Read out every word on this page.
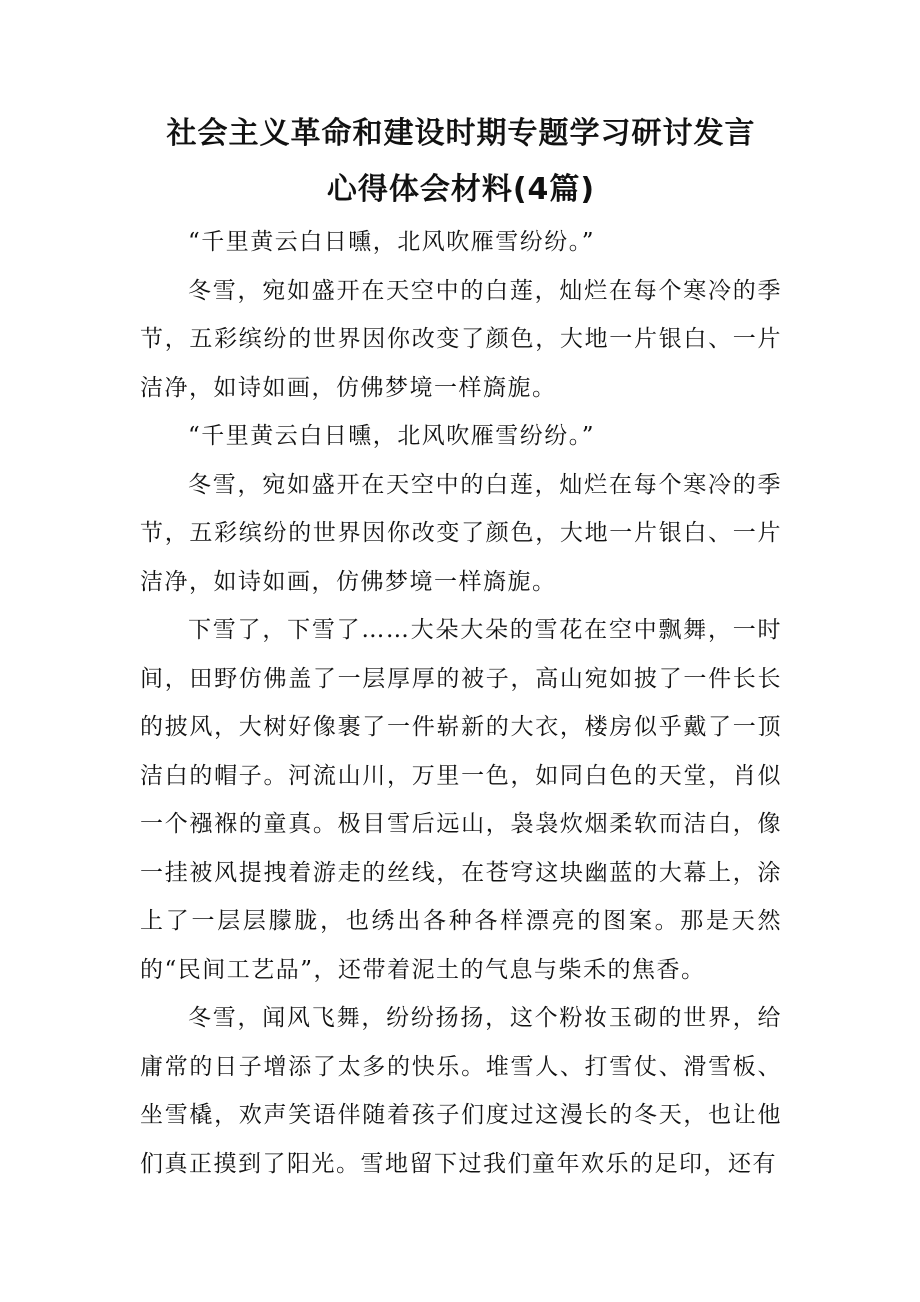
社会主义革命和建设时期专题学习研讨发言
心得体会材料(4篇)

“千里黄云白日曛，北风吹雁雪纷纷。”

冬雪，宛如盛开在天空中的白莲，灿烂在每个寒冷的季节，五彩缤纷的世界因你改变了颜色，大地一片银白、一片洁净，如诗如画，仿佛梦境一样旖旎。

“千里黄云白日曛，北风吹雁雪纷纷。”

冬雪，宛如盛开在天空中的白莲，灿烂在每个寒冷的季节，五彩缤纷的世界因你改变了颜色，大地一片银白、一片洁净，如诗如画，仿佛梦境一样旖旎。

下雪了，下雪了……大朵大朵的雪花在空中飘舞，一时间，田野仿佛盖了一层厚厚的被子，高山宛如披了一件长长的披风，大树好像裹了一件崭新的大衣，楼房似乎戴了一顶洁白的帽子。河流山川，万里一色，如同白色的天堂，肖似一个襁褓的童真。极目雪后远山，袅袅炊烟柔软而洁白，像一挂被风提拽着游走的丝线，在苍穹这块幽蓝的大幕上，涂上了一层层朦胧，也绣出各种各样漂亮的图案。那是天然的“民间工艺品”，还带着泥土的气息与柴禾的焦香。

冬雪，闻风飞舞，纷纷扬扬，这个粉妆玉砌的世界，给庸常的日子增添了太多的快乐。堆雪人、打雪仗、滑雪板、坐雪橇，欢声笑语伴随着孩子们度过这漫长的冬天，也让他们真正摸到了阳光。雪地留下过我们童年欢乐的足印，还有
